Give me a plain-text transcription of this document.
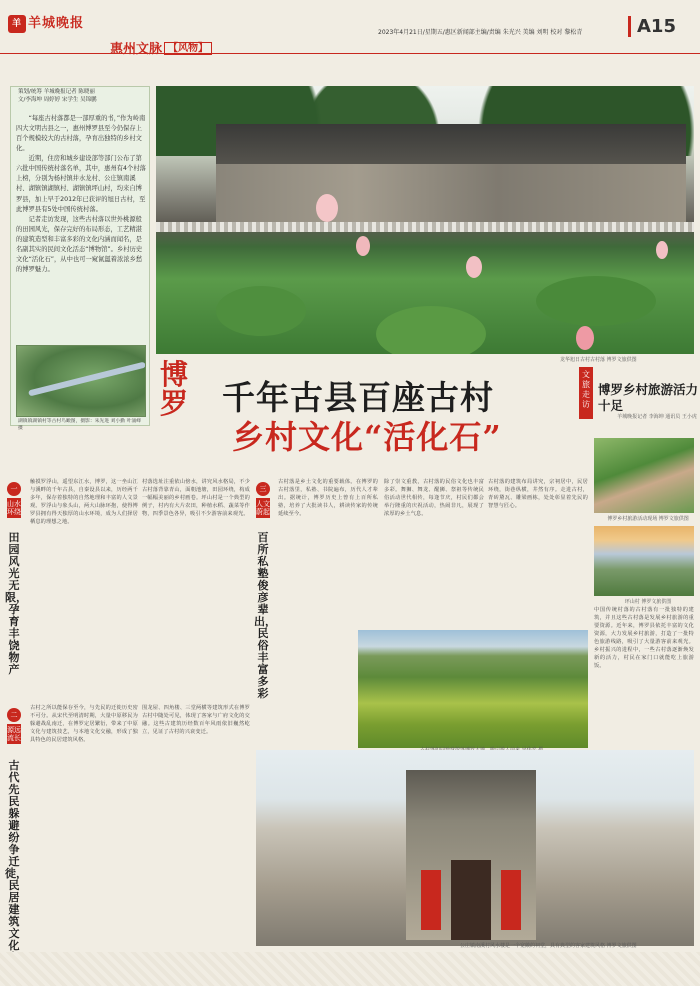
羊 羊城晚报
惠州文脉 【风物】
2023年4月21日/星期五/惠区新闻部主编/责编 朱光兴 美编 刘明 校对 黎松青	A15
策划/统筹 羊城晚报记者 陈晓丽
文/李海坤 周婷婷 宋学生 吴锦鹏

“每座古村落都是一部厚重的书，”作为岭南四大文明古县之一，惠州博罗县至今仍保存上百个规模较大的古村落，孕育出独特的乡村文化。

近期，住房和城乡建设部等部门公布了第六批中国传统村落名单，其中，惠州有4个村落上榜，分别为杨村镇井水龙村、公庄镇南溪村、湖镇镇湖镇村、湖镇镇坪山村，均来自博罗县，加上早于2012年已获评的旭日古村，至此博罗县有5处中国传统村落。

记者走访发现，这些古村落以世外桃源般的田园风光，保存完好的布局形态，工艺精湛的建筑造型和丰富多彩的文化内涵而闻名，是名副其实的民间文化活态“博物馆”。乡村历史文化“活化石”，从中也可一窥氤氲着浓浓乡愁的博罗魅力。

湖镇镇湖镇村等古村鸟瞰图，摄影：朱先进 刘小勤 叶涌峰 摄
龙华旭日古村古村落 博罗文旅供图
博罗 千年古县百座古村
乡村文化“活化石”
文旅走访
博罗乡村旅游活力十足
羊城晚报记者 李海坤 通讯员 王小虎
博罗乡村旅游活动现场 博罗文旅供图
坪山村 博罗文旅供图
中国传统村落的古村落有一批独特的建筑，并且这些古村落是发展乡村旅游的重要资源。近年来，博罗县依托丰富的文化资源，大力发展乡村旅游，打造了一批特色旅游线路，吸引了大量游客前来观光。乡村振兴的进程中，一些古村落逐渐焕发新的活力，村民在家门口就能吃上旅游饭。
一
山水环绕
田园风光无限，孕育丰饶物产
二
源远流长
古代先民躲避纷争迁徙，民居建筑文化
三
人文蔚起
百所私塾俊彦辈出，民俗丰富多彩
触摸罗浮山，遥望东江水，博罗，这一坐山江与溪畔的千年古县，自秦设县以来，历经两千多年，保存着独特的自然地理和丰富的人文景观。罗浮山与象头山，两大山脉环抱，使得博罗县拥有得天独厚的山水环境，成为人们择居栖息的理想之地。
村落选址注重依山傍水，讲究风水格局，不少古村落背靠青山，面朝池塘，田园环绕，构成一幅幅美丽的乡村画卷。坪山村是一个典型的例子，村内有大片农田，种植水稻、蔬菜等作物，四季景色各异，吸引不少游客前来观光。
古村之所以能保存至今，与先民的迁徙历史密不可分。从宋代至明清时期，大量中原移民为躲避战乱南迁，在博罗定居繁衍，带来了中原文化与建筑技艺，与本地文化交融，形成了独具特色的民居建筑风格。
围龙屋、四角楼、三堂两横等建筑形式在博罗古村中随处可见，体现了客家与广府文化的交融。这些古建筑历经数百年风雨依旧巍然屹立，见证了古村的兴衰变迁。
古村落是乡土文化的重要载体。在博罗的古村落里，私塾、书院遍布，历代人才辈出。据统计，博罗历史上曾有上百所私塾，培养了大批读书人，耕读传家的传统延续至今。
除了崇文重教，古村落的民俗文化也丰富多彩。舞狮、舞龙、醒狮、祭祖等传统民俗活动世代相传，每逢节庆，村民们都会举行隆重的庆祝活动，热闹非凡，展现了浓厚的乡土气息。
古村落的建筑布局讲究，宗祠居中，民居环绕，街巷纵横，井然有序。走进古村，青砖黛瓦、雕梁画栋，处处彰显着先民的智慧与匠心。
公庄镇南溪村风水楼是一个宽敞的祠堂，具有典型的客家建筑风格 博罗文旅供图
